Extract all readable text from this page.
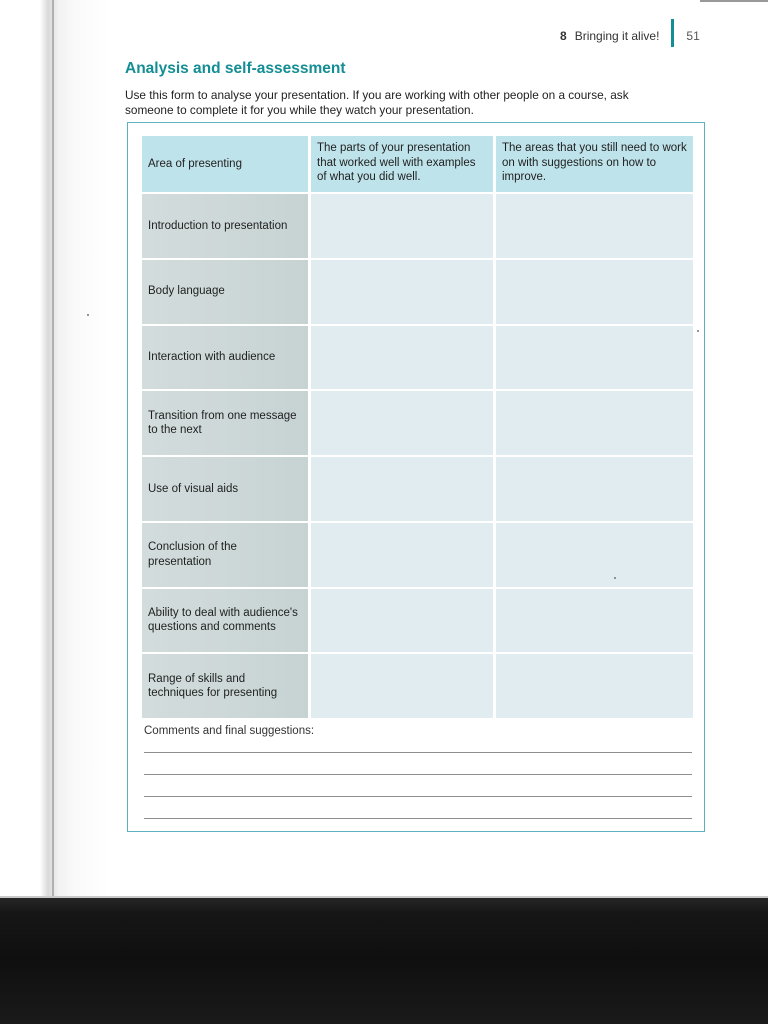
8 Bringing it alive! 51
Analysis and self-assessment

Use this form to analyse your presentation. If you are working with other people on a course, ask someone to complete it for you while they watch your presentation.

Area of presenting
The parts of your presentation that worked well with examples of what you did well.
The areas that you still need to work on with suggestions on how to improve.
Introduction to presentation
Body language
Interaction with audience
Transition from one message to the next
Use of visual aids
Conclusion of the presentation
Ability to deal with audience's questions and comments
Range of skills and techniques for presenting

Comments and final suggestions:
